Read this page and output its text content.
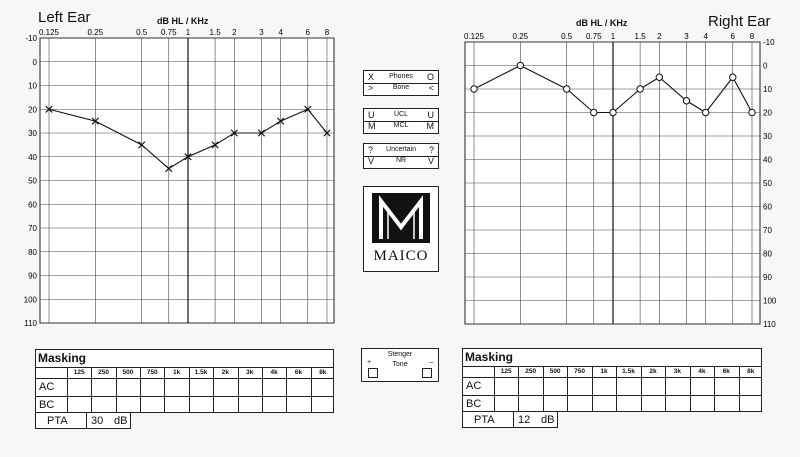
Left Ear	dB HL / KHz	Right Ear
dB HL / KHz
-10
0
10
20
30
40
50
60
70
80
90
100
110
0.125	0.25	0.5 0.75 1 1.5 2	3 4	6 8
-10
0
10
20
30
40
50
60
70
80
90
100
110
0.125	0.25	0.5 0.75 1 1.5 2	3 4	6 8
X	Phones	O
>	Bone	<
U	UCL	U
M	MCL	M
?	Uncertain	?
V	NR	V
MAICO
Stenger
Tone
+	–
Masking
125	250	500	750	1k	1.5k	2k	3k	4k	6k	8k
AC
BC
PTA 30 dB
Masking
125	250	500	750	1k	1.5k	2k	3k	4k	6k	8k
AC
BC
PTA 12 dB
